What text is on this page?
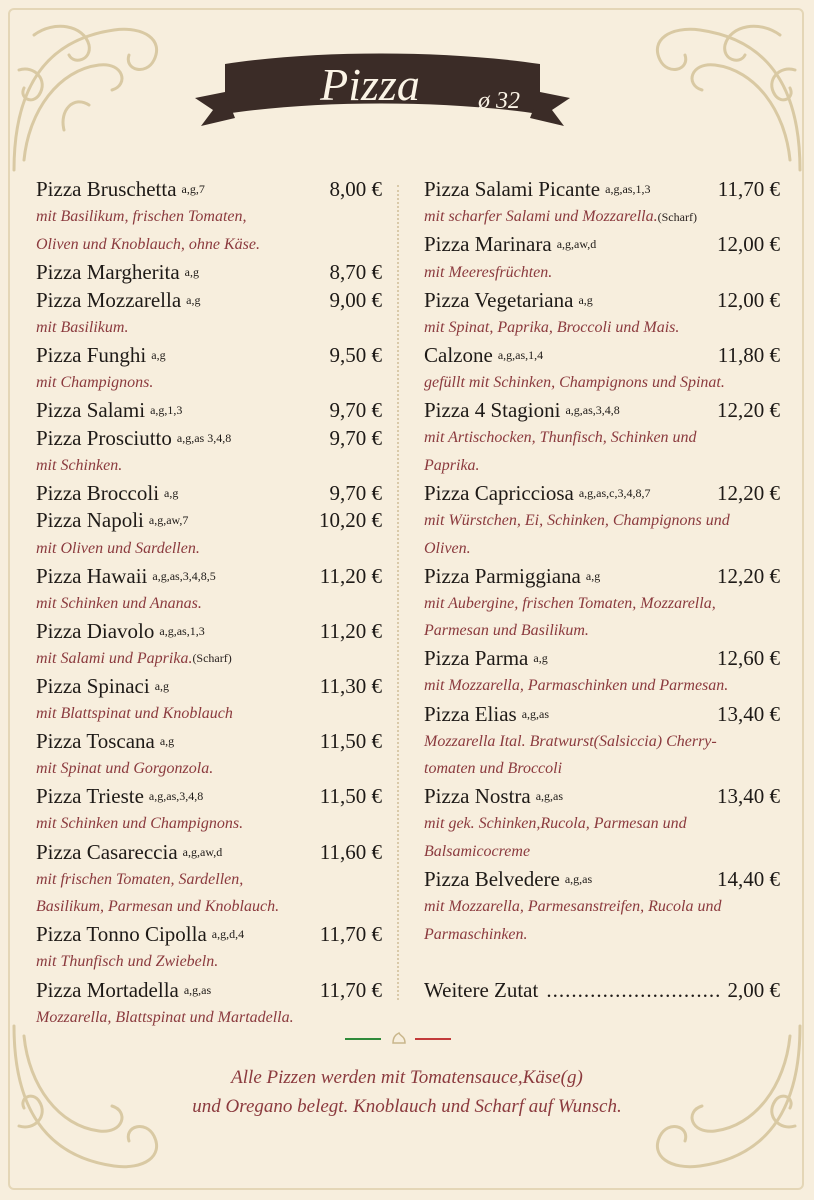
Pizza	ø 32
Pizza Bruschetta a,g,7	8,00 €
mit Basilikum, frischen Tomaten,
Oliven und Knoblauch, ohne Käse.
Pizza Margherita a,g	8,70 €
Pizza Mozzarella a,g	9,00 €
mit Basilikum.
Pizza Funghi a,g	9,50 €
mit Champignons.
Pizza Salami a,g,1,3	9,70 €
Pizza Prosciutto a,g,as 3,4,8	9,70 €
mit Schinken.
Pizza Broccoli a,g	9,70 €
Pizza Napoli a,g,aw,7	10,20 €
mit Oliven und Sardellen.
Pizza Hawaii a,g,as,3,4,8,5	11,20 €
mit Schinken und Ananas.
Pizza Diavolo a,g,as,1,3	11,20 €
mit Salami und Paprika. (Scharf)
Pizza Spinaci a,g	11,30 €
mit Blattspinat und Knoblauch
Pizza Toscana a,g	11,50 €
mit Spinat und Gorgonzola.
Pizza Trieste a,g,as,3,4,8	11,50 €
mit Schinken und Champignons.
Pizza Casareccia a,g,aw,d	11,60 €
mit frischen Tomaten, Sardellen,
Basilikum, Parmesan und Knoblauch.
Pizza Tonno Cipolla a,g,d,4	11,70 €
mit Thunfisch und Zwiebeln.
Pizza Mortadella a,g,as	11,70 €
Mozzarella, Blattspinat und Martadella.
Pizza Salami Picante a,g,as,1,3	11,70 €
mit scharfer Salami und Mozzarella. (Scharf)
Pizza Marinara a,g,aw,d	12,00 €
mit Meeresfrüchten.
Pizza Vegetariana a,g	12,00 €
mit Spinat, Paprika, Broccoli und Mais.
Calzone a,g,as,1,4	11,80 €
gefüllt mit Schinken, Champignons und Spinat.
Pizza 4 Stagioni a,g,as,3,4,8	12,20 €
mit Artischocken, Thunfisch, Schinken und
Paprika.
Pizza Capricciosa a,g,as,c,3,4,8,7	12,20 €
mit Würstchen, Ei, Schinken, Champignons und
Oliven.
Pizza Parmiggiana a,g	12,20 €
mit Aubergine, frischen Tomaten, Mozzarella,
Parmesan und Basilikum.
Pizza Parma a,g	12,60 €
mit Mozzarella, Parmaschinken und Parmesan.
Pizza Elias a,g,as	13,40 €
Mozzarella Ital. Bratwurst(Salsiccia) Cherry-
tomaten und Broccoli
Pizza Nostra a,g,as	13,40 €
mit gek. Schinken,Rucola, Parmesan und
Balsamicocreme
Pizza Belvedere a,g,as	14,40 €
mit Mozzarella, Parmesanstreifen, Rucola und
Parmaschinken.
Weitere Zutat ............................ 2,00 €
Alle Pizzen werden mit Tomatensauce,Käse(g)
und Oregano belegt. Knoblauch und Scharf auf Wunsch.
